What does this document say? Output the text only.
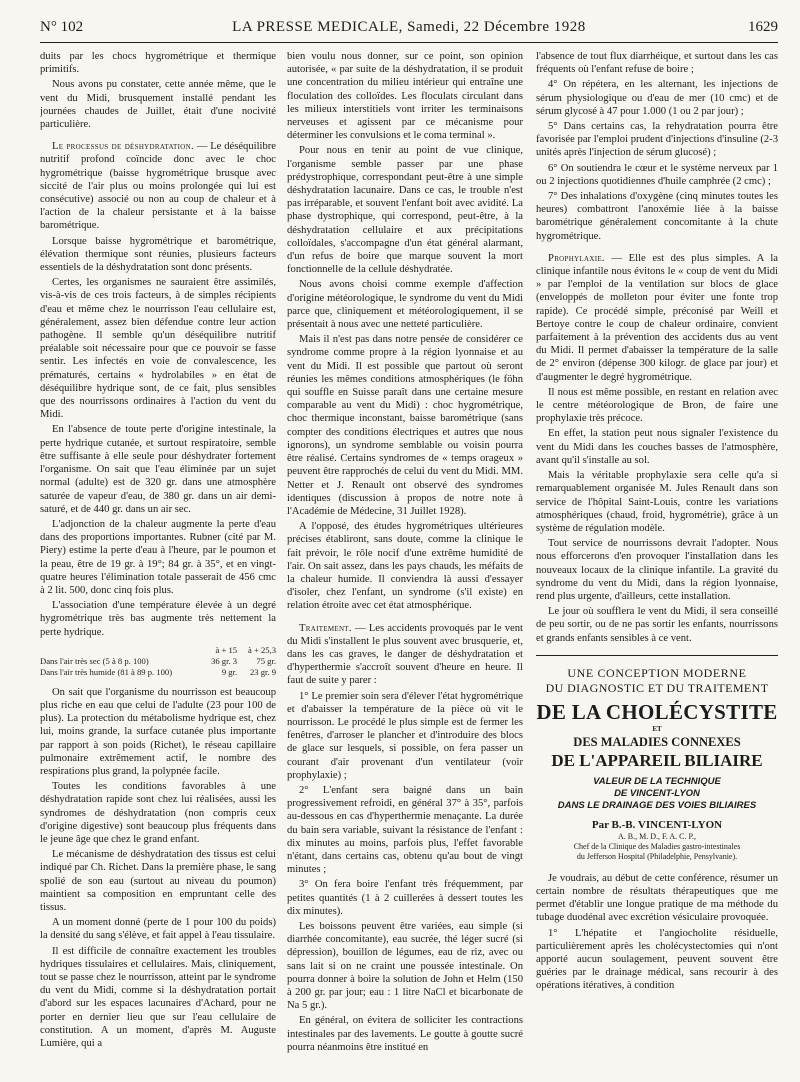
N° 102	LA PRESSE MEDICALE, Samedi, 22 Décembre 1928	1629

duits par les chocs hygrométrique et thermique primitifs.

Nous avons pu constater, cette année même, que le vent du Midi, brusquement installé pendant les journées chaudes de Juillet, était d'une nocivité particulière.

Le processus de déshydratation. — Le déséquilibre nutritif profond coïncide donc avec le choc hygrométrique (baisse hygrométrique brusque avec siccité de l'air plus ou moins prolongée qui lui est consécutive) associé ou non au coup de chaleur et à l'action de la chaleur persistante et à la baisse barométrique.

Lorsque baisse hygrométrique et barométrique, élévation thermique sont réunies, plusieurs facteurs essentiels de la déshydratation sont donc présents.

Certes, les organismes ne sauraient être assimilés, vis-à-vis de ces trois facteurs, à de simples récipients d'eau et même chez le nourrisson l'eau cellulaire est, généralement, assez bien défendue contre leur action pathogène. Il semble qu'un déséquilibre nutritif préalable soit nécessaire pour que ce pouvoir se fasse sentir. Les infectés en voie de convalescence, les prématurés, certains « hydrolabiles » en état de déséquilibre hydrique sont, de ce fait, plus sensibles que des nourrissons ordinaires à l'action du vent du Midi.

En l'absence de toute perte d'origine intestinale, la perte hydrique cutanée, et surtout respiratoire, semble être suffisante à elle seule pour déshydrater fortement l'organisme. On sait que l'eau éliminée par un sujet normal (adulte) est de 320 gr. dans une atmosphère saturée de vapeur d'eau, de 380 gr. dans un air demi-saturé, et de 440 gr. dans un air sec.

L'adjonction de la chaleur augmente la perte d'eau dans des proportions importantes. Rubner (cité par M. Piery) estime la perte d'eau à l'heure, par le poumon et la peau, être de 19 gr. à 19°; 84 gr. à 35°, et en vingt-quatre heures l'élimination totale passerait de 456 cmc à 2 lit. 500, donc cinq fois plus.

L'association d'une température élevée à un degré hygrométrique très bas augmente très nettement la perte hydrique.

	à + 15	à + 25,3
Dans l'air très sec (5 à 8 p. 100)	36 gr. 3	75 gr.
Dans l'air très humide (81 à 89 p. 100)	9 gr.	23 gr. 9

On sait que l'organisme du nourrisson est beaucoup plus riche en eau que celui de l'adulte (23 pour 100 de plus). La protection du métabolisme hydrique est, chez lui, moins grande, la surface cutanée plus importante par rapport à son poids (Richet), le réseau capillaire pulmonaire extrêmement actif, le nombre des respirations plus grand, la polypnée facile.

Toutes les conditions favorables à une déshydratation rapide sont chez lui réalisées, aussi les syndromes de déshydratation (non compris ceux d'origine digestive) sont beaucoup plus fréquents dans le jeune âge que chez le grand enfant.

Le mécanisme de déshydratation des tissus est celui indiqué par Ch. Richet. Dans la première phase, le sang spolié de son eau (surtout au niveau du poumon) maintient sa composition en empruntant celle des tissus.

A un moment donné (perte de 1 pour 100 du poids) la densité du sang s'élève, et fait appel à l'eau tissulaire.

Il est difficile de connaître exactement les troubles hydriques tissulaires et cellulaires. Mais, cliniquement, tout se passe chez le nourrisson, atteint par le syndrome du vent du Midi, comme si la déshydratation portait d'abord sur les espaces lacunaires d'Achard, pour ne porter en dernier lieu que sur l'eau cellulaire de constitution. A un moment, d'après M. Auguste Lumière, qui a

bien voulu nous donner, sur ce point, son opinion autorisée, « par suite de la déshydratation, il se produit une concentration du milieu intérieur qui entraîne une floculation des colloïdes. Les floculats circulant dans les milieux interstitiels vont irriter les terminaisons nerveuses et agissent par ce mécanisme pour déterminer les convulsions et le coma terminal ».

Pour nous en tenir au point de vue clinique, l'organisme semble passer par une phase prédystrophique, correspondant peut-être à une simple déshydratation lacunaire. Dans ce cas, le trouble n'est pas irréparable, et souvent l'enfant boit avec avidité. La phase dystrophique, qui correspond, peut-être, à la déshydratation cellulaire et aux précipitations colloïdales, s'accompagne d'un état général alarmant, d'un refus de boire que marque souvent la mort fonctionnelle de la cellule déshydratée.

Nous avons choisi comme exemple d'affection d'origine météorologique, le syndrome du vent du Midi parce que, cliniquement et météorologiquement, il se présentait à nous avec une netteté particulière.

Mais il n'est pas dans notre pensée de considérer ce syndrome comme propre à la région lyonnaise et au vent du Midi. Il est possible que partout où seront réunies les mêmes conditions atmosphériques (le föhn qui souffle en Suisse paraît dans une certaine mesure comparable au vent du Midi) : choc hygrométrique, choc thermique inconstant, baisse barométrique (sans compter des conditions électriques et autres que nous ignorons), un syndrome semblable ou voisin pourra être réalisé. Certains syndromes de « temps orageux » peuvent être rapprochés de celui du vent du Midi. MM. Netter et J. Renault ont observé des syndromes identiques (discussion à propos de notre note à l'Académie de Médecine, 31 Juillet 1928).

A l'opposé, des études hygrométriques ultérieures précises établiront, sans doute, comme la clinique le fait prévoir, le rôle nocif d'une extrême humidité de l'air. On sait assez, dans les pays chauds, les méfaits de la chaleur humide. Il conviendra là aussi d'essayer d'isoler, chez l'enfant, un syndrome (s'il existe) en relation étroite avec cet état atmosphérique.

Traitement. — Les accidents provoqués par le vent du Midi s'installent le plus souvent avec brusquerie, et, dans les cas graves, le danger de déshydratation et d'hyperthermie s'accroît souvent d'heure en heure. Il faut de suite y parer :

1° Le premier soin sera d'élever l'état hygrométrique et d'abaisser la température de la pièce où vit le nourrisson. Le procédé le plus simple est de fermer les fenêtres, d'arroser le plancher et d'introduire des blocs de glace sur lesquels, si possible, on fera passer un courant d'air provenant d'un ventilateur (voir prophylaxie) ;

2° L'enfant sera baigné dans un bain progressivement refroidi, en général 37° à 35°, parfois au-dessous en cas d'hyperthermie menaçante. La durée du bain sera variable, suivant la résistance de l'enfant : dix minutes au moins, parfois plus, l'effet favorable n'étant, dans certains cas, obtenu qu'au bout de vingt minutes ;

3° On fera boire l'enfant très fréquemment, par petites quantités (1 à 2 cuillerées à dessert toutes les dix minutes).

Les boissons peuvent être variées, eau simple (si diarrhée concomitante), eau sucrée, thé léger sucré (si dépression), bouillon de légumes, eau de riz, avec ou sans lait si on ne craint une poussée intestinale. On pourra donner à boire la solution de John et Helm (150 à 200 gr. par jour; eau : 1 litre NaCl et bicarbonate de Na 5 gr.).

En général, on évitera de solliciter les contractions intestinales par des lavements. Le goutte à goutte sucré pourra néanmoins être institué en

l'absence de tout flux diarrhéique, et surtout dans les cas fréquents où l'enfant refuse de boire ;

4° On répétera, en les alternant, les injections de sérum physiologique ou d'eau de mer (10 cmc) et de sérum glycosé à 47 pour 1.000 (1 ou 2 par jour) ;

5° Dans certains cas, la rehydratation pourra être favorisée par l'emploi prudent d'injections d'insuline (2-3 unités après l'injection de sérum glucosé) ;

6° On soutiendra le cœur et le système nerveux par 1 ou 2 injections quotidiennes d'huile camphrée (2 cmc) ;

7° Des inhalations d'oxygène (cinq minutes toutes les heures) combattront l'anoxémie liée à la baisse barométrique généralement concomitante à la chute hygrométrique.

Prophylaxie. — Elle est des plus simples. A la clinique infantile nous évitons le « coup de vent du Midi » par l'emploi de la ventilation sur blocs de glace (enveloppés de molleton pour éviter une fonte trop rapide). Ce procédé simple, préconisé par Weill et Bertoye contre le coup de chaleur ordinaire, convient parfaitement à la prévention des accidents dus au vent du Midi. Il permet d'abaisser la température de la salle de 2° environ (dépense 300 kilogr. de glace par jour) et d'augmenter le degré hygrométrique.

Il nous est même possible, en restant en relation avec le centre météorologique de Bron, de faire une prophylaxie très précoce.

En effet, la station peut nous signaler l'existence du vent du Midi dans les couches basses de l'atmosphère, avant qu'il s'installe au sol.

Mais la véritable prophylaxie sera celle qu'a si remarquablement organisée M. Jules Renault dans son service de l'hôpital Saint-Louis, contre les variations atmosphériques (chaud, froid, hygrométrie), grâce à un système de régulation modèle.

Tout service de nourrissons devrait l'adopter. Nous nous efforcerons d'en provoquer l'installation dans les nouveaux locaux de la clinique infantile. La gravité du syndrome du vent du Midi, dans la région lyonnaise, rend plus urgente, d'ailleurs, cette installation.

Le jour où soufflera le vent du Midi, il sera conseillé de peu sortir, ou de ne pas sortir les enfants, nourrissons et grands enfants sensibles à ce vent.

UNE CONCEPTION MODERNE
DU DIAGNOSTIC ET DU TRAITEMENT
DE LA CHOLÉCYSTITE
ET
DES MALADIES CONNEXES
DE L'APPAREIL BILIAIRE
VALEUR DE LA TECHNIQUE
DE VINCENT-LYON
DANS LE DRAINAGE DES VOIES BILIAIRES
Par B.-B. VINCENT-LYON
A. B., M. D., F. A. C. P.,
Chef de la Clinique des Maladies gastro-intestinales
du Jefferson Hospital (Philadelphie, Pensylvanie).

Je voudrais, au début de cette conférence, résumer un certain nombre de résultats thérapeutiques que me permet d'établir une longue pratique de ma méthode du tubage duodénal avec excrétion vésiculaire provoquée.

1° L'hépatite et l'angiocholite résiduelle, particulièrement après les cholécystectomies qui n'ont apporté aucun soulagement, peuvent souvent être guéries par le drainage médical, sans recourir à des opérations itératives, à condition
